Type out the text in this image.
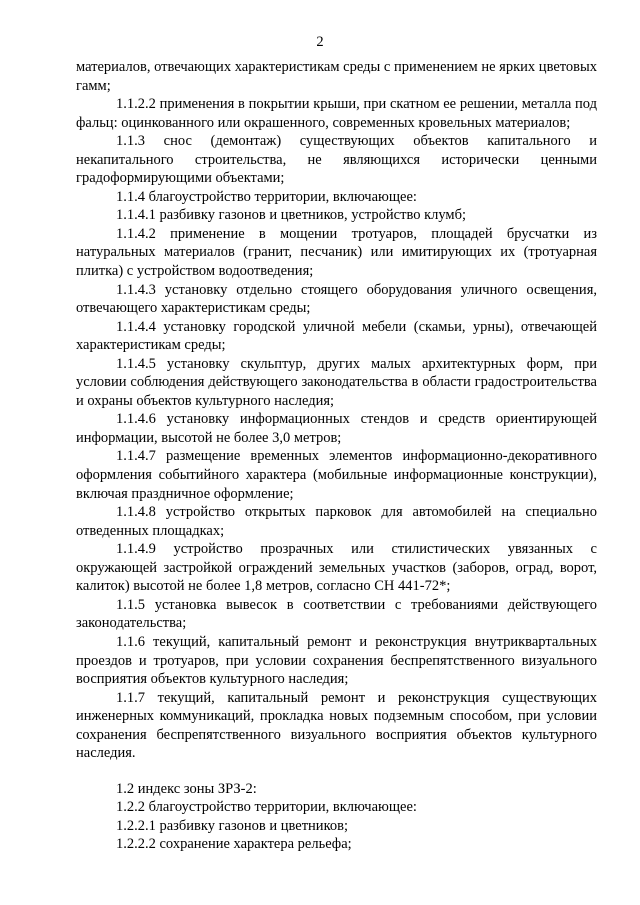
2

материалов, отвечающих характеристикам среды с применением не ярких цветовых гамм;

1.1.2.2 применения в покрытии крыши, при скатном ее решении, металла под фальц: оцинкованного или окрашенного, современных кровельных материалов;

1.1.3 снос (демонтаж) существующих объектов капитального и некапитального строительства, не являющихся исторически ценными градоформирующими объектами;

1.1.4 благоустройство территории, включающее:

1.1.4.1 разбивку газонов и цветников, устройство клумб;

1.1.4.2 применение в мощении тротуаров, площадей брусчатки из натуральных материалов (гранит, песчаник) или имитирующих их (тротуарная плитка) с устройством водоотведения;

1.1.4.3 установку отдельно стоящего оборудования уличного освещения, отвечающего характеристикам среды;

1.1.4.4 установку городской уличной мебели (скамьи, урны), отвечающей характеристикам среды;

1.1.4.5 установку скульптур, других малых архитектурных форм, при условии соблюдения действующего законодательства в области градостроительства и охраны объектов культурного наследия;

1.1.4.6 установку информационных стендов и средств ориентирующей информации, высотой не более 3,0 метров;

1.1.4.7 размещение временных элементов информационно-декоративного оформления событийного характера (мобильные информационные конструкции), включая праздничное оформление;

1.1.4.8 устройство открытых парковок для автомобилей на специально отведенных площадках;

1.1.4.9 устройство прозрачных или стилистических увязанных с окружающей застройкой ограждений земельных участков (заборов, оград, ворот, калиток) высотой не более 1,8 метров, согласно СН 441-72*;

1.1.5 установка вывесок в соответствии с требованиями действующего законодательства;

1.1.6 текущий, капитальный ремонт и реконструкция внутриквартальных проездов и тротуаров, при условии сохранения беспрепятственного визуального восприятия объектов культурного наследия;

1.1.7 текущий, капитальный ремонт и реконструкция существующих инженерных коммуникаций, прокладка новых подземным способом, при условии сохранения беспрепятственного визуального восприятия объектов культурного наследия.

1.2 индекс зоны ЗРЗ-2:

1.2.2 благоустройство территории, включающее:

1.2.2.1 разбивку газонов и цветников;

1.2.2.2 сохранение характера рельефа;
